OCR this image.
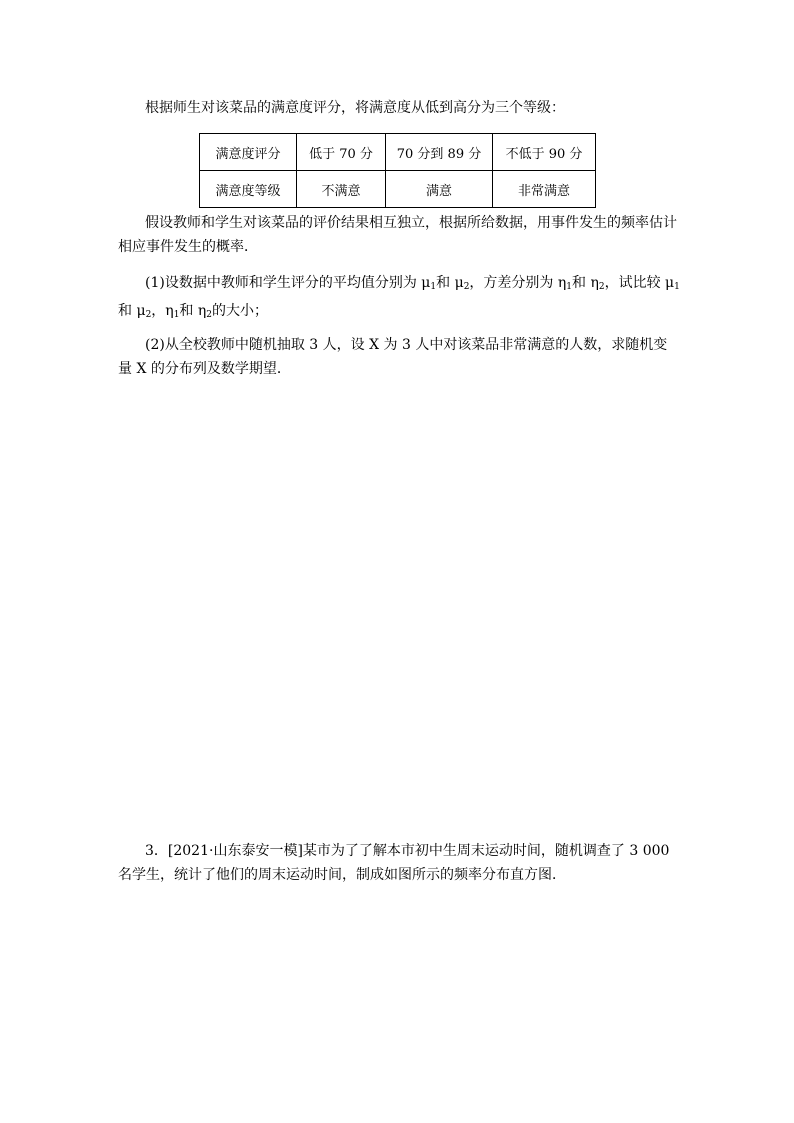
根据师生对该菜品的满意度评分，将满意度从低到高分为三个等级：

满意度评分	低于 70 分	70 分到 89 分	不低于 90 分
满意度等级	不满意	满意	非常满意

假设教师和学生对该菜品的评价结果相互独立，根据所给数据，用事件发生的频率估计相应事件发生的概率．

(1)设数据中教师和学生评分的平均值分别为 $\mu_1$和 $\mu_2$，方差分别为 $\eta_1$和 $\eta_2$，试比较 $\mu_1$和 $\mu_2$，$\eta_1$和 $\eta_2$的大小；

(2)从全校教师中随机抽取 3 人，设 X 为 3 人中对该菜品非常满意的人数，求随机变量 X 的分布列及数学期望．

3．[2021·山东泰安一模]某市为了了解本市初中生周末运动时间，随机调查了 3 000 名学生，统计了他们的周末运动时间，制成如图所示的频率分布直方图．
